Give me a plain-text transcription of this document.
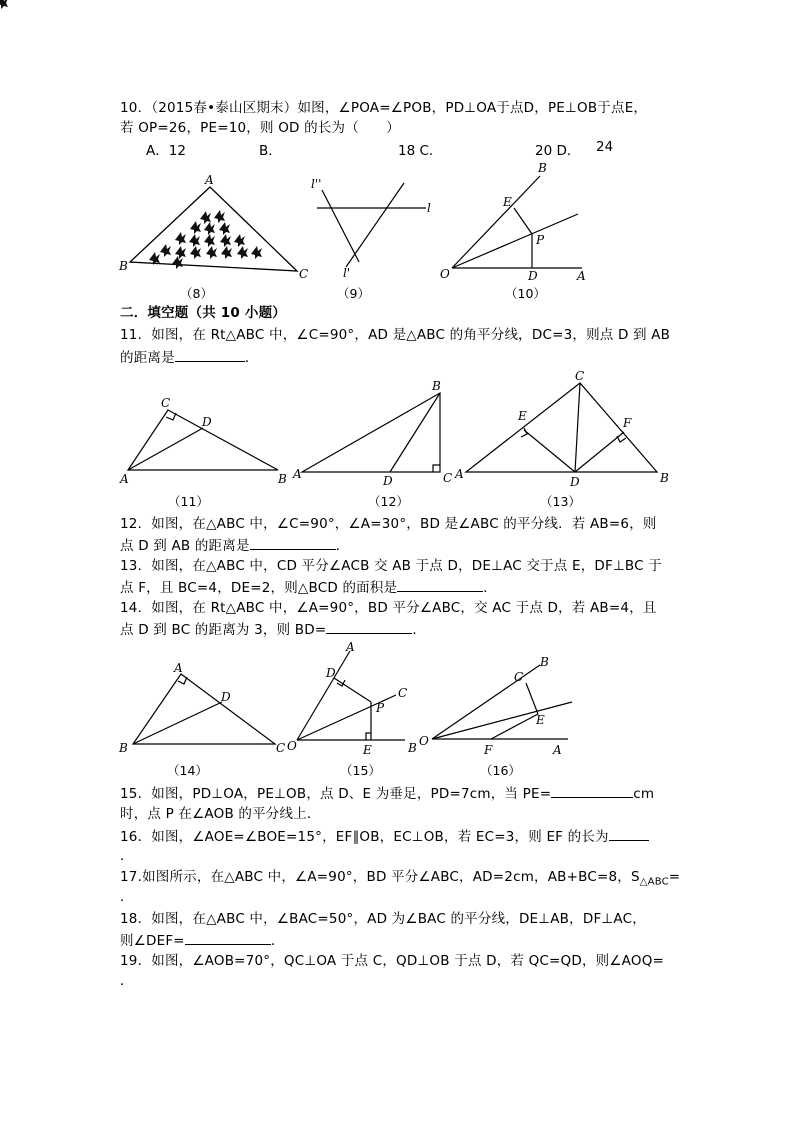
10．（2015春•泰山区期末）如图，∠POA=∠POB，PD⊥OA于点D，PE⊥OB于点E，
若 OP=26，PE=10，则 OD 的长为（　　）
A．12	B．	18 C．	20 D． 24
A
B
C
（8）
l''
l
l'
（9）
B
E
P
O	D	A
（10）
二．填空题（共 10 小题）
11．如图，在 Rt△ABC 中，∠C=90°，AD 是△ABC 的角平分线，DC=3，则点 D 到 AB
的距离是	．
C
D
A	B
（11）
B
A	D	C
（12）
C
E	F
A
D	B
（13）
12．如图，在△ABC 中，∠C=90°，∠A=30°，BD 是∠ABC 的平分线．若 AB=6，则
点 D 到 AB 的距离是	．
13．如图，在△ABC 中，CD 平分∠ACB 交 AB 于点 D，DE⊥AC 交于点 E，DF⊥BC 于
点 F，且 BC=4，DE=2，则△BCD 的面积是	．
14．如图，在 Rt△ABC 中，∠A=90°，BD 平分∠ABC，交 AC 于点 D，若 AB=4，且
点 D 到 BC 的距离为 3，则 BD=	．
A
D
B	C
（14）
A
D
C
P
O	E	B
（15）
B
C
E
O
F	A
（16）
15．如图，PD⊥OA，PE⊥OB，点 D、E 为垂足，PD=7cm，当 PE=	cm
时，点 P 在∠AOB 的平分线上．
16．如图，∠AOE=∠BOE=15°，EF∥OB，EC⊥OB，若 EC=3，则 EF 的长为
．
17.如图所示，在△ABC 中，∠A=90°，BD 平分∠ABC，AD=2cm，AB+BC=8，$S_{\triangle ABC}=$
．
18．如图，在△ABC 中，∠BAC=50°，AD 为∠BAC 的平分线，DE⊥AB，DF⊥AC，
则∠DEF=	．
19．如图，∠AOB=70°，QC⊥OA 于点 C，QD⊥OB 于点 D，若 QC=QD，则∠AOQ=
．
